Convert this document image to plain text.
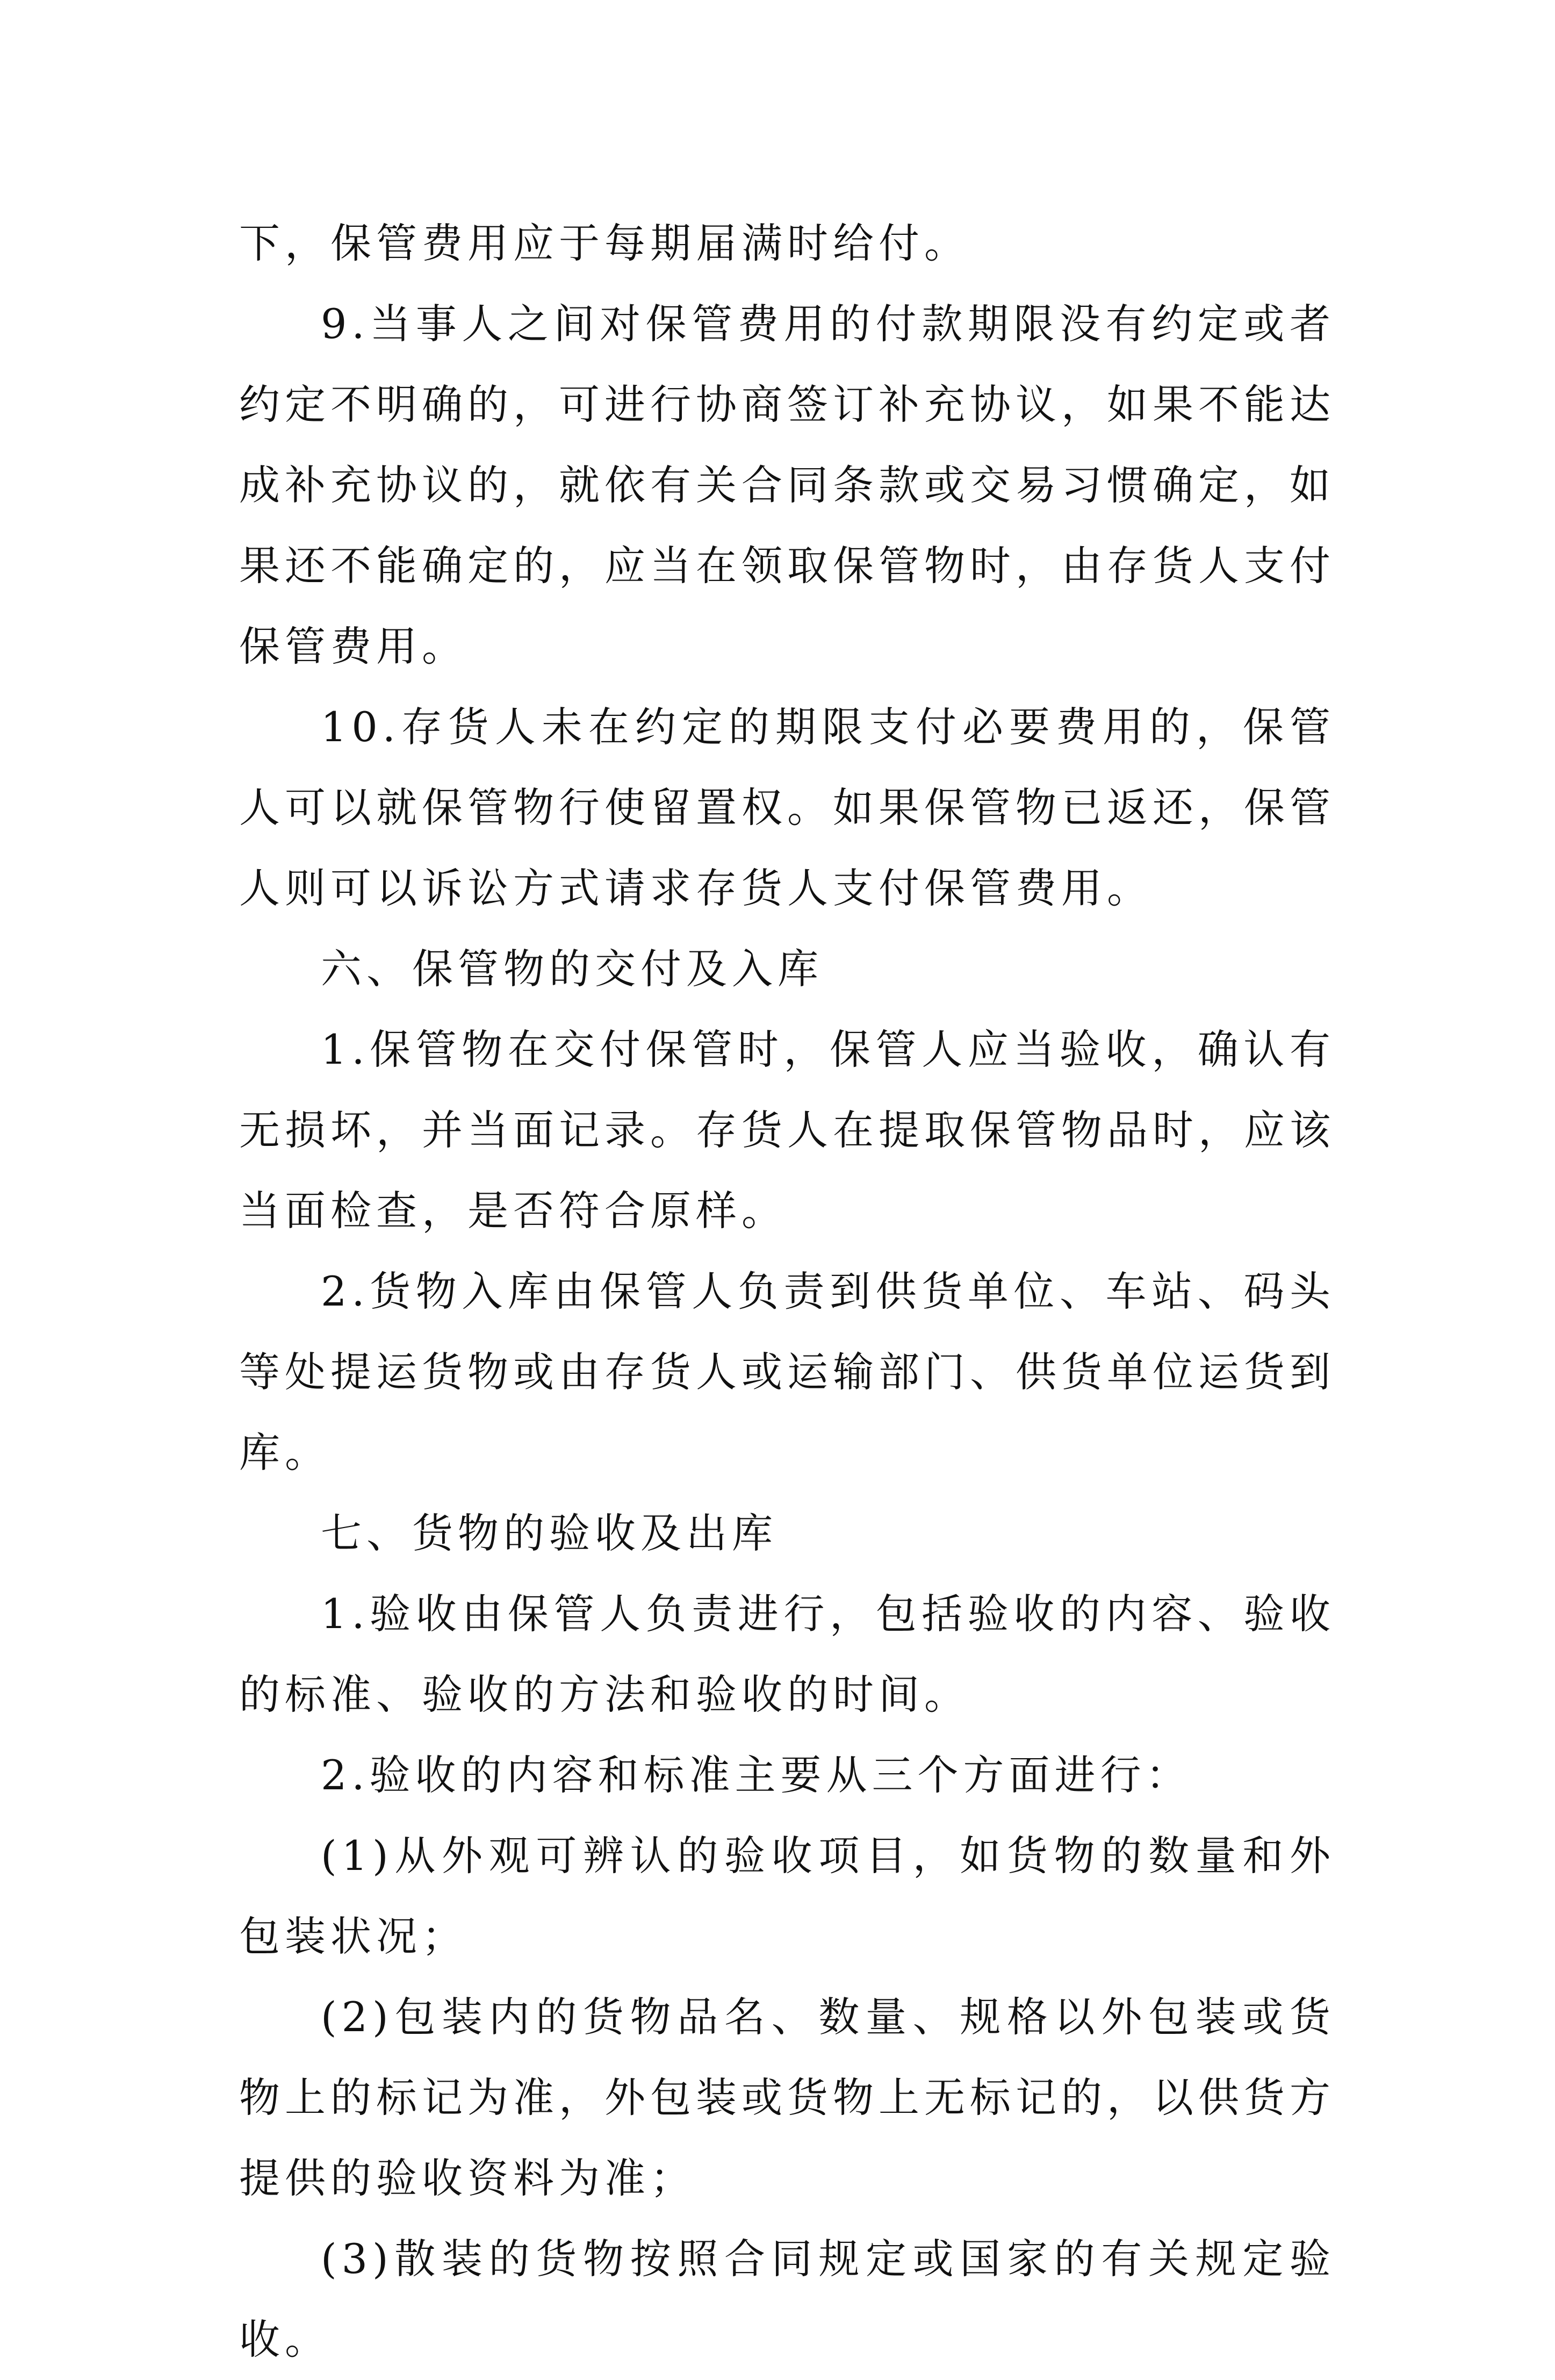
下，保管费用应于每期届满时给付。

9.当事人之间对保管费用的付款期限没有约定或者约定不明确的，可进行协商签订补充协议，如果不能达成补充协议的，就依有关合同条款或交易习惯确定，如果还不能确定的，应当在领取保管物时，由存货人支付保管费用。

10.存货人未在约定的期限支付必要费用的，保管人可以就保管物行使留置权。如果保管物已返还，保管人则可以诉讼方式请求存货人支付保管费用。

六、保管物的交付及入库

1.保管物在交付保管时，保管人应当验收，确认有无损坏，并当面记录。存货人在提取保管物品时，应该当面检查，是否符合原样。

2.货物入库由保管人负责到供货单位、车站、码头等处提运货物或由存货人或运输部门、供货单位运货到库。

七、货物的验收及出库

1.验收由保管人负责进行，包括验收的内容、验收的标准、验收的方法和验收的时间。

2.验收的内容和标准主要从三个方面进行：

(1)从外观可辨认的验收项目，如货物的数量和外包装状况；

(2)包装内的货物品名、数量、规格以外包装或货物上的标记为准，外包装或货物上无标记的，以供货方提供的验收资料为准；

(3)散装的货物按照合同规定或国家的有关规定验收。
